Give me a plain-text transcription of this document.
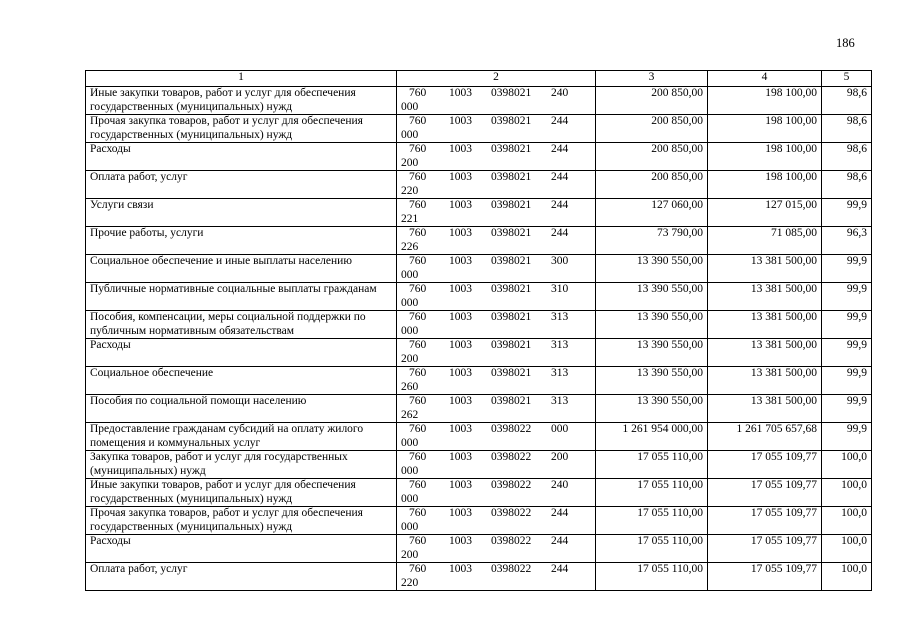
186
1	2	3	4	5
Иные закупки товаров, работ и услуг для обеспечения государственных (муниципальных) нужд	760 1003 0398021 240000	200 850,00	198 100,00	98,6
Прочая закупка товаров, работ и услуг для обеспечения государственных (муниципальных) нужд	760 1003 0398021 244000	200 850,00	198 100,00	98,6
Расходы	760 1003 0398021 244200	200 850,00	198 100,00	98,6
Оплата работ, услуг	760 1003 0398021 244220	200 850,00	198 100,00	98,6
Услуги связи	760 1003 0398021 244221	127 060,00	127 015,00	99,9
Прочие работы, услуги	760 1003 0398021 244226	73 790,00	71 085,00	96,3
Социальное обеспечение и иные выплаты населению	760 1003 0398021 300000	13 390 550,00	13 381 500,00	99,9
Публичные нормативные социальные выплаты гражданам	760 1003 0398021 310000	13 390 550,00	13 381 500,00	99,9
Пособия, компенсации, меры социальной поддержки по публичным нормативным обязательствам	760 1003 0398021 313000	13 390 550,00	13 381 500,00	99,9
Расходы	760 1003 0398021 313200	13 390 550,00	13 381 500,00	99,9
Социальное обеспечение	760 1003 0398021 313260	13 390 550,00	13 381 500,00	99,9
Пособия по социальной помощи населению	760 1003 0398021 313262	13 390 550,00	13 381 500,00	99,9
Предоставление гражданам субсидий на оплату жилого помещения и коммунальных услуг	760 1003 0398022 000000	1 261 954 000,00	1 261 705 657,68	99,9
Закупка товаров, работ и услуг для государственных (муниципальных) нужд	760 1003 0398022 200000	17 055 110,00	17 055 109,77	100,0
Иные закупки товаров, работ и услуг для обеспечения государственных (муниципальных) нужд	760 1003 0398022 240000	17 055 110,00	17 055 109,77	100,0
Прочая закупка товаров, работ и услуг для обеспечения государственных (муниципальных) нужд	760 1003 0398022 244000	17 055 110,00	17 055 109,77	100,0
Расходы	760 1003 0398022 244200	17 055 110,00	17 055 109,77	100,0
Оплата работ, услуг	760 1003 0398022 244220	17 055 110,00	17 055 109,77	100,0
